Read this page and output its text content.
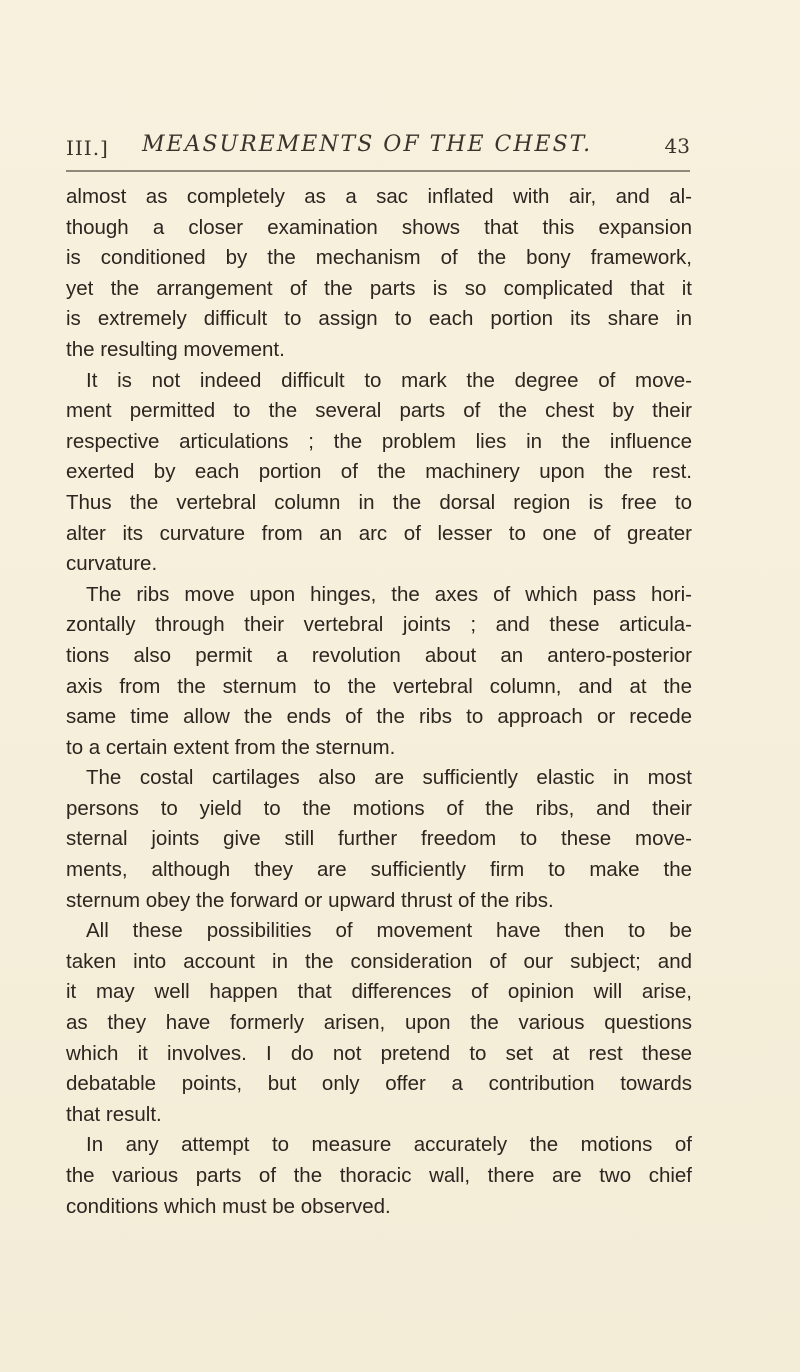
III.] MEASUREMENTS OF THE CHEST.	43
almost as completely as a sac inflated with air, and al-
though a closer examination shows that this expansion
is conditioned by the mechanism of the bony framework,
yet the arrangement of the parts is so complicated that it
is extremely difficult to assign to each portion its share in
the resulting movement.
It is not indeed difficult to mark the degree of move-
ment permitted to the several parts of the chest by their
respective articulations ; the problem lies in the influence
exerted by each portion of the machinery upon the rest.
Thus the vertebral column in the dorsal region is free to
alter its curvature from an arc of lesser to one of greater
curvature.
The ribs move upon hinges, the axes of which pass hori-
zontally through their vertebral joints ; and these articula-
tions also permit a revolution about an antero-posterior
axis from the sternum to the vertebral column, and at the
same time allow the ends of the ribs to approach or recede
to a certain extent from the sternum.
The costal cartilages also are sufficiently elastic in most
persons to yield to the motions of the ribs, and their
sternal joints give still further freedom to these move-
ments, although they are sufficiently firm to make the
sternum obey the forward or upward thrust of the ribs.
All these possibilities of movement have then to be
taken into account in the consideration of our subject; and
it may well happen that differences of opinion will arise,
as they have formerly arisen, upon the various questions
which it involves. I do not pretend to set at rest these
debatable points, but only offer a contribution towards
that result.
In any attempt to measure accurately the motions of
the various parts of the thoracic wall, there are two chief
conditions which must be observed.
